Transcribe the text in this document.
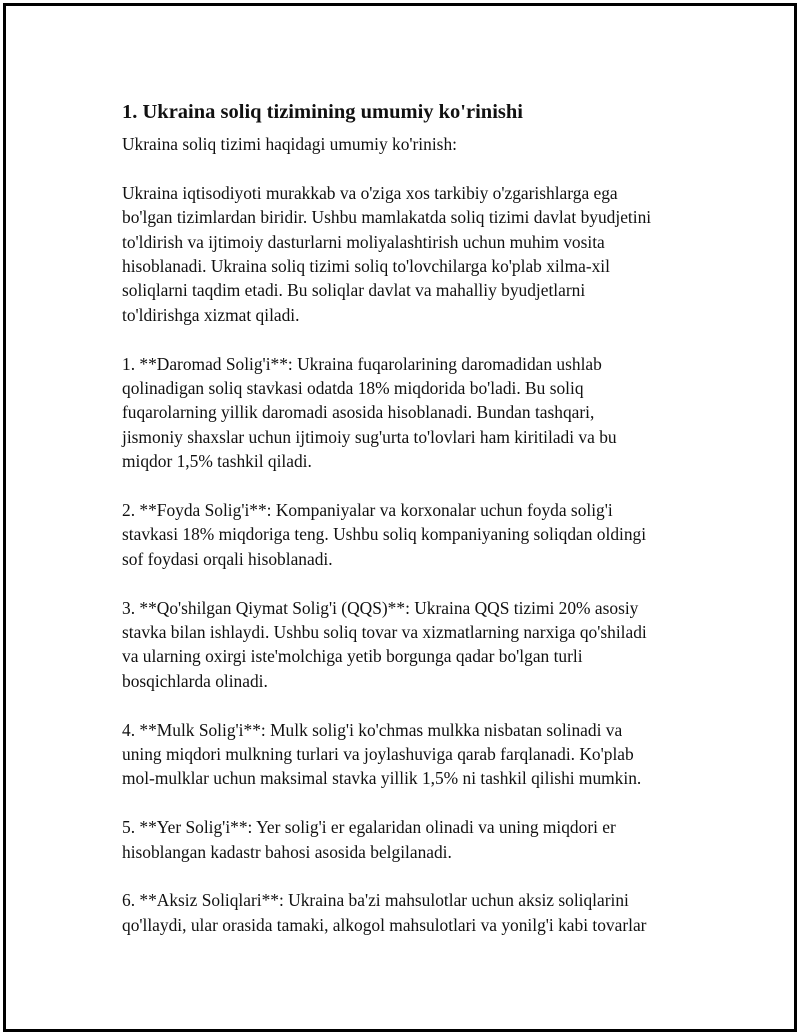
1. Ukraina soliq tizimining umumiy ko'rinishi

Ukraina soliq tizimi haqidagi umumiy ko'rinish:

Ukraina iqtisodiyoti murakkab va o'ziga xos tarkibiy o'zgarishlarga ega
bo'lgan tizimlardan biridir. Ushbu mamlakatda soliq tizimi davlat byudjetini
to'ldirish va ijtimoiy dasturlarni moliyalashtirish uchun muhim vosita
hisoblanadi. Ukraina soliq tizimi soliq to'lovchilarga ko'plab xilma-xil
soliqlarni taqdim etadi. Bu soliqlar davlat va mahalliy byudjetlarni
to'ldirishga xizmat qiladi.

1. **Daromad Solig'i**: Ukraina fuqarolarining daromadidan ushlab
qolinadigan soliq stavkasi odatda 18% miqdorida bo'ladi. Bu soliq
fuqarolarning yillik daromadi asosida hisoblanadi. Bundan tashqari,
jismoniy shaxslar uchun ijtimoiy sug'urta to'lovlari ham kiritiladi va bu
miqdor 1,5% tashkil qiladi.

2. **Foyda Solig'i**: Kompaniyalar va korxonalar uchun foyda solig'i
stavkasi 18% miqdoriga teng. Ushbu soliq kompaniyaning soliqdan oldingi
sof foydasi orqali hisoblanadi.

3. **Qo'shilgan Qiymat Solig'i (QQS)**: Ukraina QQS tizimi 20% asosiy
stavka bilan ishlaydi. Ushbu soliq tovar va xizmatlarning narxiga qo'shiladi
va ularning oxirgi iste'molchiga yetib borgunga qadar bo'lgan turli
bosqichlarda olinadi.

4. **Mulk Solig'i**: Mulk solig'i ko'chmas mulkka nisbatan solinadi va
uning miqdori mulkning turlari va joylashuviga qarab farqlanadi. Ko'plab
mol-mulklar uchun maksimal stavka yillik 1,5% ni tashkil qilishi mumkin.

5. **Yer Solig'i**: Yer solig'i er egalaridan olinadi va uning miqdori er
hisoblangan kadastr bahosi asosida belgilanadi.

6. **Aksiz Soliqlari**: Ukraina ba'zi mahsulotlar uchun aksiz soliqlarini
qo'llaydi, ular orasida tamaki, alkogol mahsulotlari va yonilg'i kabi tovarlar
